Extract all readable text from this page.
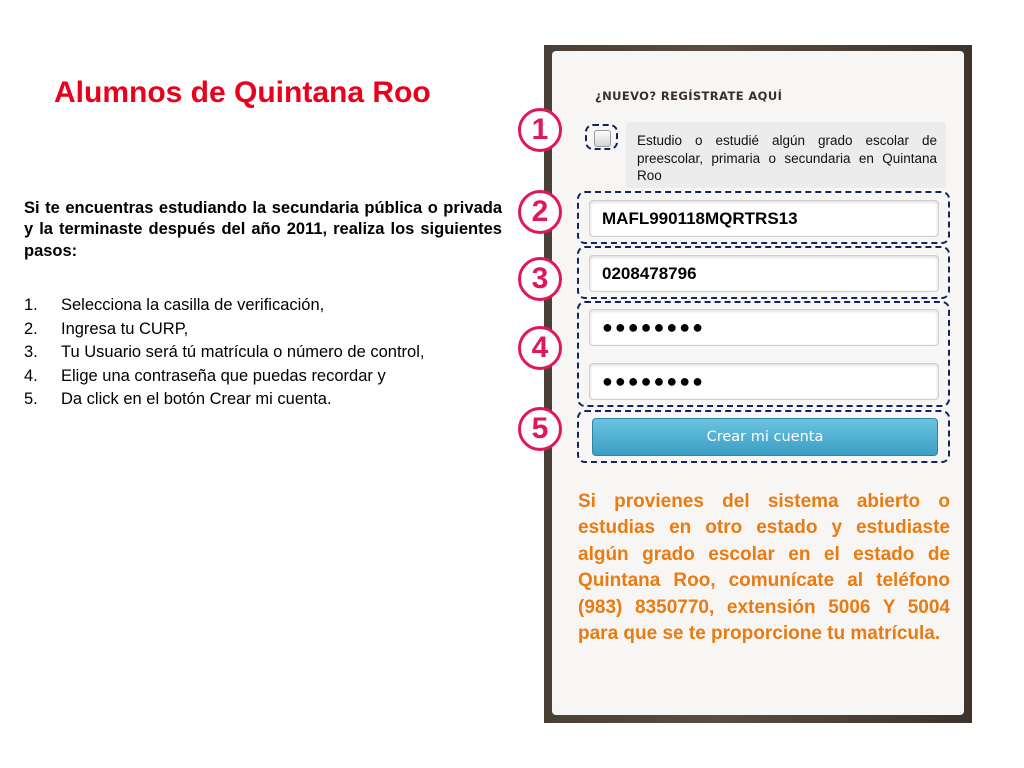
Alumnos de Quintana Roo

Si te encuentras estudiando la secundaria pública o privada y la terminaste después del año 2011, realiza los siguientes pasos:

1.	Selecciona la casilla de verificación,
2.	Ingresa tu CURP,
3.	Tu Usuario será tú matrícula o número de control,
4.	Elige una contraseña que puedas recordar y
5.	Da click en el botón Crear mi cuenta.
¿NUEVO? REGÍSTRATE AQUÍ

Estudio o estudié algún grado escolar de preescolar, primaria o secundaria en Quintana Roo

MAFL990118MQRTRS13
0208478796
●●●●●●●●
●●●●●●●●
Crear mi cuenta

Si provienes del sistema abierto o estudias en otro estado y estudiaste algún grado escolar en el estado de Quintana Roo, comunícate al teléfono (983) 8350770, extensión 5006 Y 5004 para que se te proporcione tu matrícula.

1
2
3
4
5
